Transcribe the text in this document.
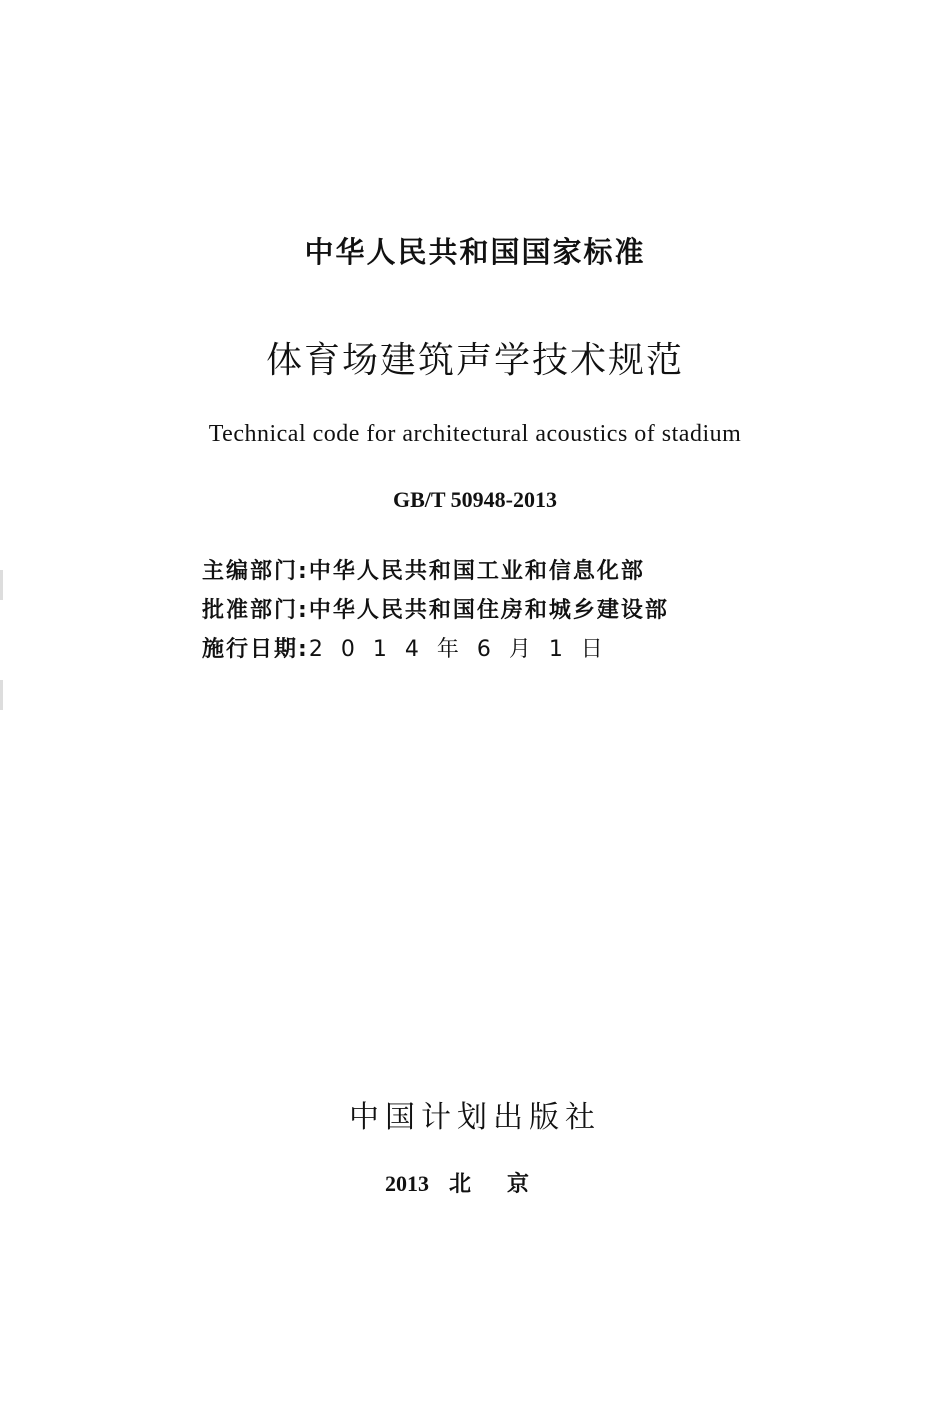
中华人民共和国国家标准
体育场建筑声学技术规范
Technical code for architectural acoustics of stadium
GB/T 50948-2013
主编部门:中华人民共和国工业和信息化部
批准部门:中华人民共和国住房和城乡建设部
施行日期:2014年6月1日
中国计划出版社
2013 北京
